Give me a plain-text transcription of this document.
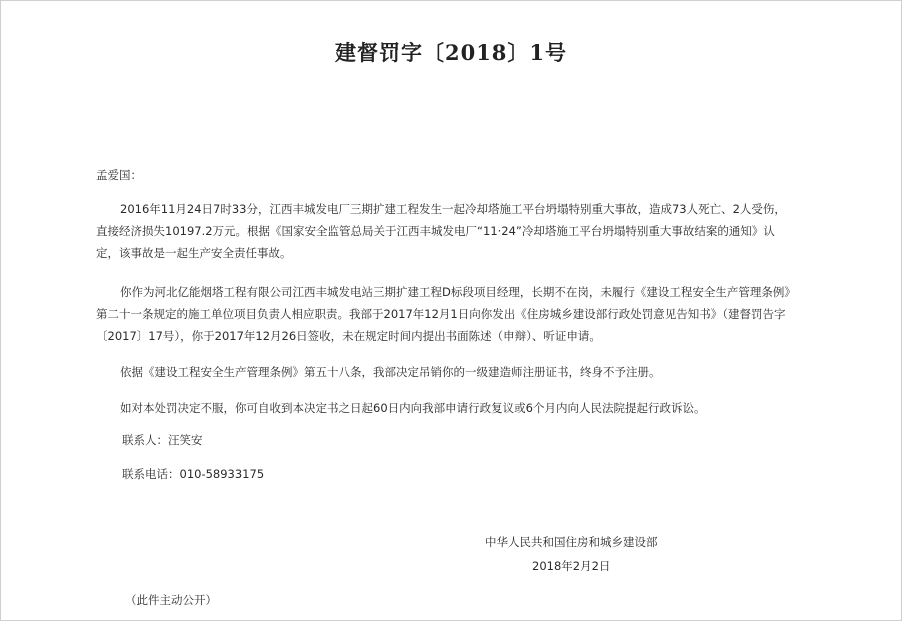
建督罚字〔2018〕1号

孟爱国：

2016年11月24日7时33分，江西丰城发电厂三期扩建工程发生一起冷却塔施工平台坍塌特别重大事故，造成73人死亡、2人受伤，直接经济损失10197.2万元。根据《国家安全监管总局关于江西丰城发电厂“11·24”冷却塔施工平台坍塌特别重大事故结案的通知》认定，该事故是一起生产安全责任事故。

你作为河北亿能烟塔工程有限公司江西丰城发电站三期扩建工程D标段项目经理，长期不在岗，未履行《建设工程安全生产管理条例》第二十一条规定的施工单位项目负责人相应职责。我部于2017年12月1日向你发出《住房城乡建设部行政处罚意见告知书》（建督罚告字〔2017〕17号），你于2017年12月26日签收，未在规定时间内提出书面陈述（申辩）、听证申请。

依据《建设工程安全生产管理条例》第五十八条，我部决定吊销你的一级建造师注册证书，终身不予注册。

如对本处罚决定不服，你可自收到本决定书之日起60日内向我部申请行政复议或6个月内向人民法院提起行政诉讼。

联系人：汪笑安
联系电话：010-58933175
中华人民共和国住房和城乡建设部
2018年2月2日
（此件主动公开）
